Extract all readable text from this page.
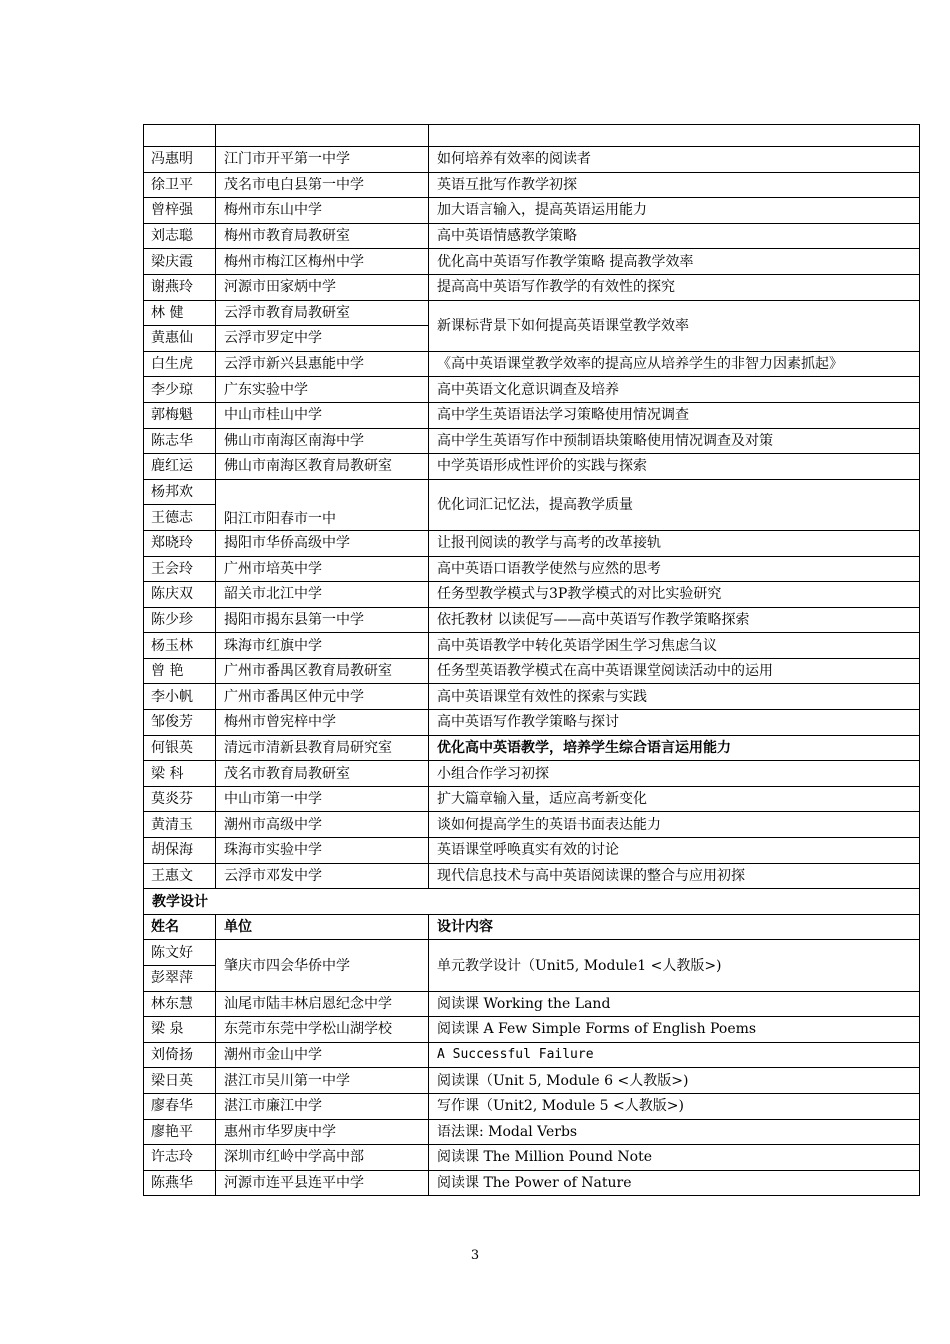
冯惠明	江门市开平第一中学	如何培养有效率的阅读者
徐卫平	茂名市电白县第一中学	英语互批写作教学初探
曾梓强	梅州市东山中学	加大语言输入，提高英语运用能力
刘志聪	梅州市教育局教研室	高中英语情感教学策略
梁庆霞	梅州市梅江区梅州中学	优化高中英语写作教学策略 提高教学效率
谢燕玲	河源市田家炳中学	提高高中英语写作教学的有效性的探究
林 健	云浮市教育局教研室	新课标背景下如何提高英语课堂教学效率
黄惠仙	云浮市罗定中学	
白生虎	云浮市新兴县惠能中学	《高中英语课堂教学效率的提高应从培养学生的非智力因素抓起》
李少琼	广东实验中学	高中英语文化意识调查及培养
郭梅魁	中山市桂山中学	高中学生英语语法学习策略使用情况调查
陈志华	佛山市南海区南海中学	高中学生英语写作中预制语块策略使用情况调查及对策
鹿红运	佛山市南海区教育局教研室	中学英语形成性评价的实践与探索
杨邦欢	阳江市阳春市一中	优化词汇记忆法，提高教学质量
王德志		
郑晓玲	揭阳市华侨高级中学	让报刊阅读的教学与高考的改革接轨
王会玲	广州市培英中学	高中英语口语教学使然与应然的思考
陈庆双	韶关市北江中学	任务型教学模式与3P教学模式的对比实验研究
陈少珍	揭阳市揭东县第一中学	依托教材 以读促写——高中英语写作教学策略探索
杨玉林	珠海市红旗中学	高中英语教学中转化英语学困生学习焦虑刍议
曾 艳	广州市番禺区教育局教研室	任务型英语教学模式在高中英语课堂阅读活动中的运用
李小帆	广州市番禺区仲元中学	高中英语课堂有效性的探索与实践
邹俊芳	梅州市曾宪梓中学	高中英语写作教学策略与探讨
何银英	清远市清新县教育局研究室	优化高中英语教学，培养学生综合语言运用能力
梁 科	茂名市教育局教研室	小组合作学习初探
莫炎芬	中山市第一中学	扩大篇章输入量，适应高考新变化
黄清玉	潮州市高级中学	谈如何提高学生的英语书面表达能力
胡保海	珠海市实验中学	英语课堂呼唤真实有效的讨论
王惠文	云浮市邓发中学	现代信息技术与高中英语阅读课的整合与应用初探
教学设计		
姓名	单位	设计内容
陈文好	肇庆市四会华侨中学	单元教学设计（Unit5, Module1 <人教版>)
彭翠萍		
林东慧	汕尾市陆丰林启恩纪念中学	阅读课 Working the Land
梁 泉	东莞市东莞中学松山湖学校	阅读课 A Few Simple Forms of English Poems
刘倚扬	潮州市金山中学	A Successful Failure
梁日英	湛江市吴川第一中学	阅读课（Unit 5, Module 6 <人教版>)
廖春华	湛江市廉江中学	写作课（Unit2, Module 5 <人教版>)
廖艳平	惠州市华罗庚中学	语法课: Modal Verbs
许志玲	深圳市红岭中学高中部	阅读课 The Million Pound Note
陈燕华	河源市连平县连平中学	阅读课 The Power of Nature
3
